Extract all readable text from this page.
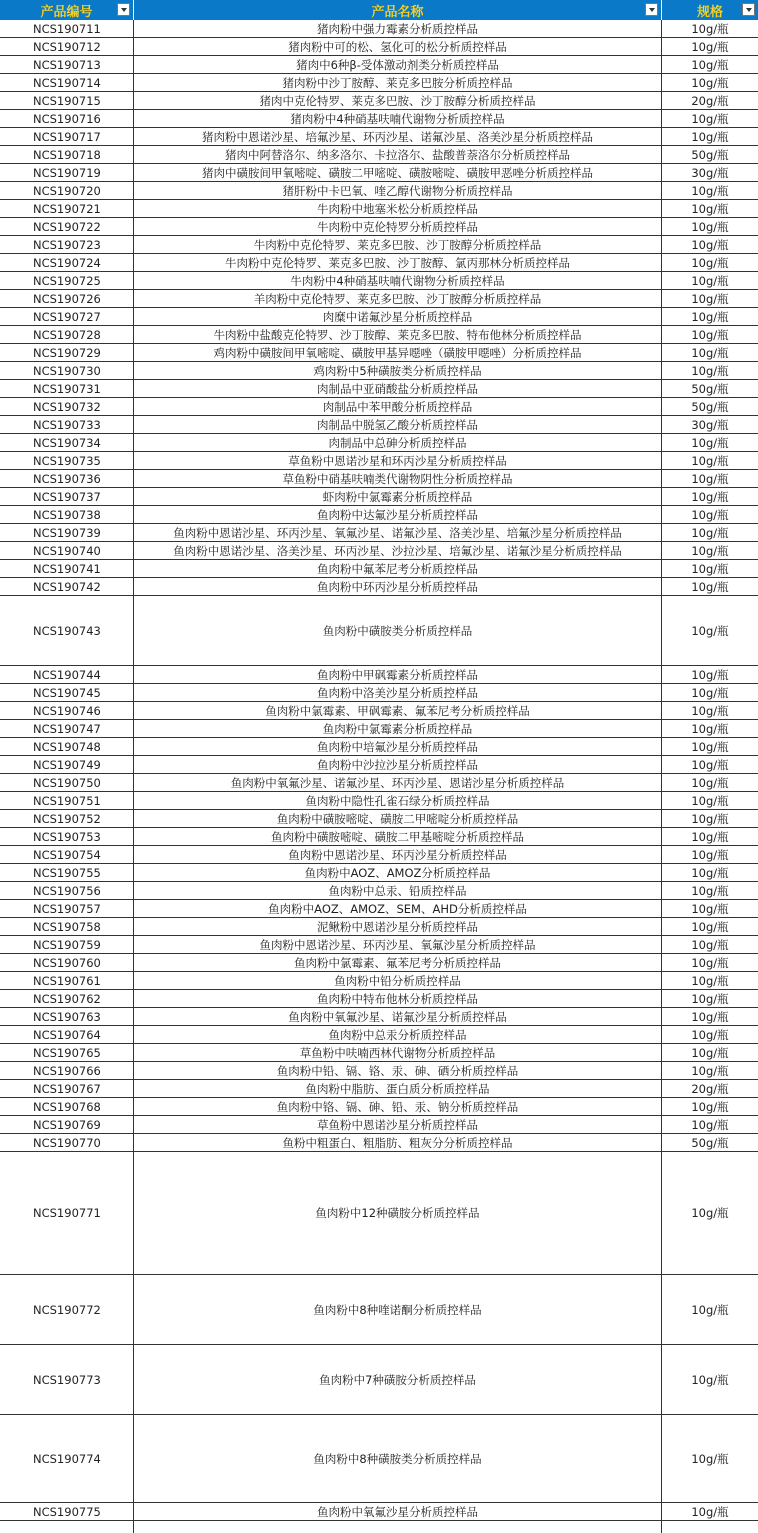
产品编号	产品名称	规格
NCS190711	猪肉粉中强力霉素分析质控样品	10g/瓶
NCS190712	猪肉粉中可的松、氢化可的松分析质控样品	10g/瓶
NCS190713	猪肉中6种β-受体激动剂类分析质控样品	10g/瓶
NCS190714	猪肉粉中沙丁胺醇、莱克多巴胺分析质控样品	10g/瓶
NCS190715	猪肉中克伦特罗、莱克多巴胺、沙丁胺醇分析质控样品	20g/瓶
NCS190716	猪肉粉中4种硝基呋喃代谢物分析质控样品	10g/瓶
NCS190717	猪肉粉中恩诺沙星、培氟沙星、环丙沙星、诺氟沙星、洛美沙星分析质控样品	10g/瓶
NCS190718	猪肉中阿替洛尔、纳多洛尔、卡拉洛尔、盐酸普萘洛尔分析质控样品	50g/瓶
NCS190719	猪肉中磺胺间甲氧嘧啶、磺胺二甲嘧啶、磺胺嘧啶、磺胺甲恶唑分析质控样品	30g/瓶
NCS190720	猪肝粉中卡巴氧、喹乙醇代谢物分析质控样品	10g/瓶
NCS190721	牛肉粉中地塞米松分析质控样品	10g/瓶
NCS190722	牛肉粉中克伦特罗分析质控样品	10g/瓶
NCS190723	牛肉粉中克伦特罗、莱克多巴胺、沙丁胺醇分析质控样品	10g/瓶
NCS190724	牛肉粉中克伦特罗、莱克多巴胺、沙丁胺醇、氯丙那林分析质控样品	10g/瓶
NCS190725	牛肉粉中4种硝基呋喃代谢物分析质控样品	10g/瓶
NCS190726	羊肉粉中克伦特罗、莱克多巴胺、沙丁胺醇分析质控样品	10g/瓶
NCS190727	肉糜中诺氟沙星分析质控样品	10g/瓶
NCS190728	牛肉粉中盐酸克伦特罗、沙丁胺醇、莱克多巴胺、特布他林分析质控样品	10g/瓶
NCS190729	鸡肉粉中磺胺间甲氧嘧啶、磺胺甲基异噁唑（磺胺甲噁唑）分析质控样品	10g/瓶
NCS190730	鸡肉粉中5种磺胺类分析质控样品	10g/瓶
NCS190731	肉制品中亚硝酸盐分析质控样品	50g/瓶
NCS190732	肉制品中苯甲酸分析质控样品	50g/瓶
NCS190733	肉制品中脱氢乙酸分析质控样品	30g/瓶
NCS190734	肉制品中总砷分析质控样品	10g/瓶
NCS190735	草鱼粉中恩诺沙星和环丙沙星分析质控样品	10g/瓶
NCS190736	草鱼粉中硝基呋喃类代谢物阴性分析质控样品	10g/瓶
NCS190737	虾肉粉中氯霉素分析质控样品	10g/瓶
NCS190738	鱼肉粉中达氟沙星分析质控样品	10g/瓶
NCS190739	鱼肉粉中恩诺沙星、环丙沙星、氧氟沙星、诺氟沙星、洛美沙星、培氟沙星分析质控样品	10g/瓶
NCS190740	鱼肉粉中恩诺沙星、洛美沙星、环丙沙星、沙拉沙星、培氟沙星、诺氟沙星分析质控样品	10g/瓶
NCS190741	鱼肉粉中氟苯尼考分析质控样品	10g/瓶
NCS190742	鱼肉粉中环丙沙星分析质控样品	10g/瓶
NCS190743	鱼肉粉中磺胺类分析质控样品	10g/瓶
NCS190744	鱼肉粉中甲砜霉素分析质控样品	10g/瓶
NCS190745	鱼肉粉中洛美沙星分析质控样品	10g/瓶
NCS190746	鱼肉粉中氯霉素、甲砜霉素、氟苯尼考分析质控样品	10g/瓶
NCS190747	鱼肉粉中氯霉素分析质控样品	10g/瓶
NCS190748	鱼肉粉中培氟沙星分析质控样品	10g/瓶
NCS190749	鱼肉粉中沙拉沙星分析质控样品	10g/瓶
NCS190750	鱼肉粉中氧氟沙星、诺氟沙星、环丙沙星、恩诺沙星分析质控样品	10g/瓶
NCS190751	鱼肉粉中隐性孔雀石绿分析质控样品	10g/瓶
NCS190752	鱼肉粉中磺胺嘧啶、磺胺二甲嘧啶分析质控样品	10g/瓶
NCS190753	鱼肉粉中磺胺嘧啶、磺胺二甲基嘧啶分析质控样品	10g/瓶
NCS190754	鱼肉粉中恩诺沙星、环丙沙星分析质控样品	10g/瓶
NCS190755	鱼肉粉中AOZ、AMOZ分析质控样品	10g/瓶
NCS190756	鱼肉粉中总汞、铅质控样品	10g/瓶
NCS190757	鱼肉粉中AOZ、AMOZ、SEM、AHD分析质控样品	10g/瓶
NCS190758	泥鳅粉中恩诺沙星分析质控样品	10g/瓶
NCS190759	鱼肉粉中恩诺沙星、环丙沙星、氧氟沙星分析质控样品	10g/瓶
NCS190760	鱼肉粉中氯霉素、氟苯尼考分析质控样品	10g/瓶
NCS190761	鱼肉粉中铅分析质控样品	10g/瓶
NCS190762	鱼肉粉中特布他林分析质控样品	10g/瓶
NCS190763	鱼肉粉中氧氟沙星、诺氟沙星分析质控样品	10g/瓶
NCS190764	鱼肉粉中总汞分析质控样品	10g/瓶
NCS190765	草鱼粉中呋喃西林代谢物分析质控样品	10g/瓶
NCS190766	鱼肉粉中铅、镉、铬、汞、砷、硒分析质控样品	10g/瓶
NCS190767	鱼肉粉中脂肪、蛋白质分析质控样品	20g/瓶
NCS190768	鱼肉粉中铬、镉、砷、铅、汞、钠分析质控样品	10g/瓶
NCS190769	草鱼粉中恩诺沙星分析质控样品	10g/瓶
NCS190770	鱼粉中粗蛋白、粗脂肪、粗灰分分析质控样品	50g/瓶
NCS190771	鱼肉粉中12种磺胺分析质控样品	10g/瓶
NCS190772	鱼肉粉中8种喹诺酮分析质控样品	10g/瓶
NCS190773	鱼肉粉中7种磺胺分析质控样品	10g/瓶
NCS190774	鱼肉粉中8种磺胺类分析质控样品	10g/瓶
NCS190775	鱼肉粉中氧氟沙星分析质控样品	10g/瓶
